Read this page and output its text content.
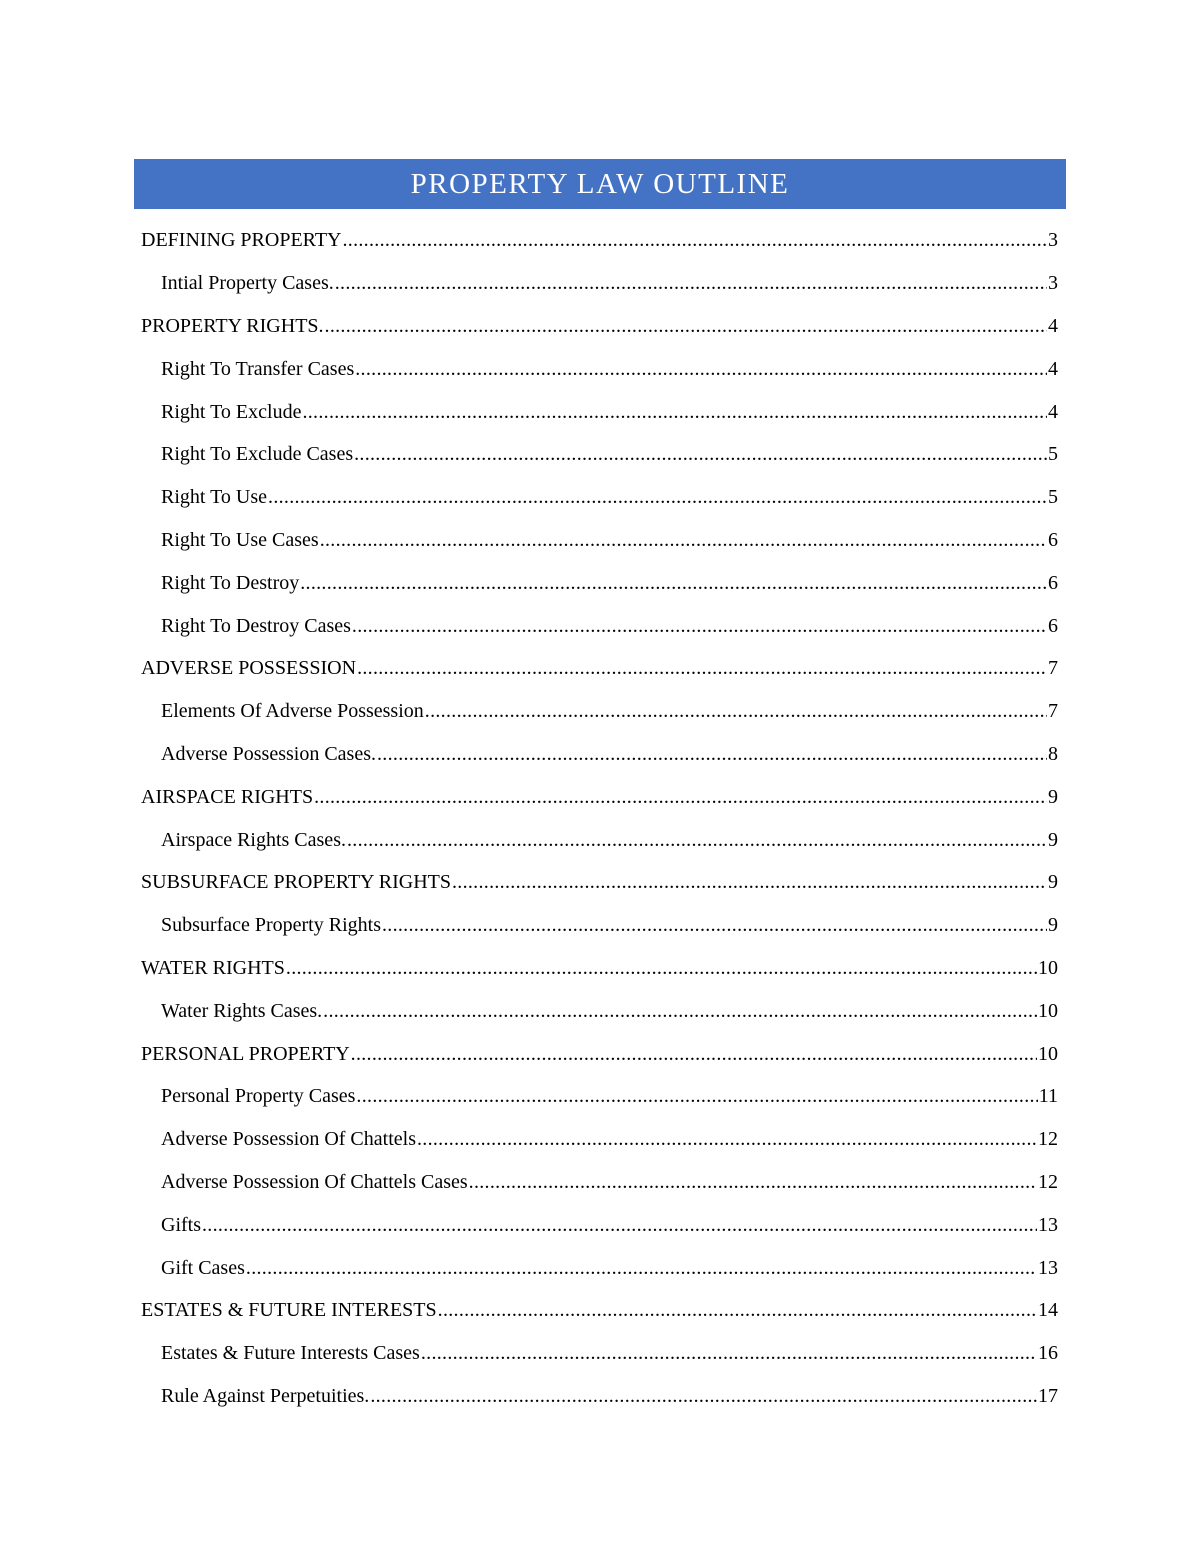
PROPERTY LAW OUTLINE
DEFINING PROPERTY .....	3
Intial Property Cases. .....	3
PROPERTY RIGHTS. .....	4
Right To Transfer Cases .....	4
Right To Exclude .....	4
Right To Exclude Cases .....	5
Right To Use .....	5
Right To Use Cases .....	6
Right To Destroy .....	6
Right To Destroy Cases .....	6
ADVERSE POSSESSION .....	7
Elements Of Adverse Possession .....	7
Adverse Possession Cases. .....	8
AIRSPACE RIGHTS .....	9
Airspace Rights Cases. .....	9
SUBSURFACE PROPERTY RIGHTS .....	9
Subsurface Property Rights .....	9
WATER RIGHTS .....	10
Water Rights Cases. .....	10
PERSONAL PROPERTY .....	10
Personal Property Cases .....	11
Adverse Possession Of Chattels .....	12
Adverse Possession Of Chattels Cases .....	12
Gifts .....	13
Gift Cases .....	13
ESTATES & FUTURE INTERESTS .....	14
Estates & Future Interests Cases .....	16
Rule Against Perpetuities. .....	17
